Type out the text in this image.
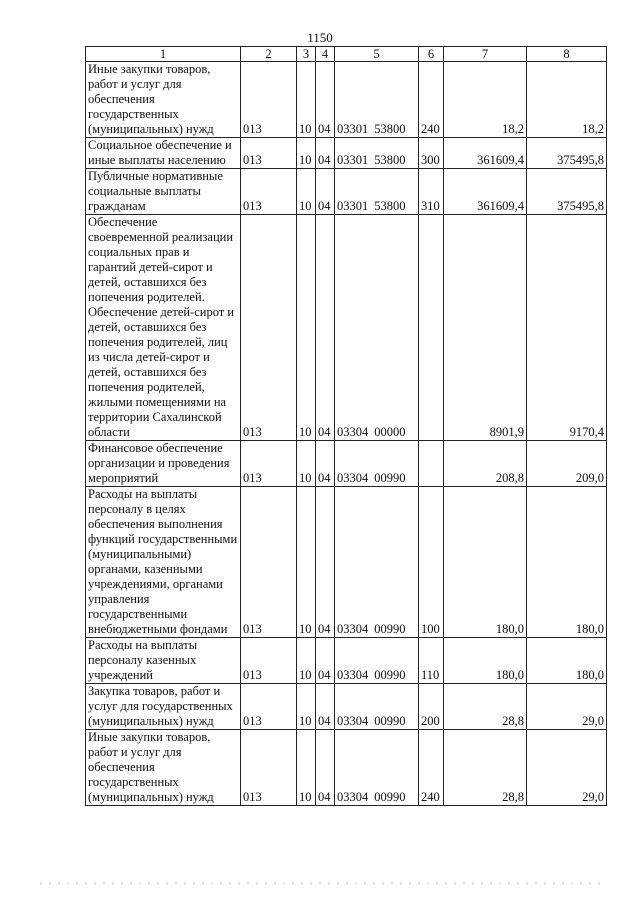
1150
1	2	3	4	5	6	7	8
Иные закупки товаров, работ и услуг для обеспечения государственных (муниципальных) нужд	013	10	04	03301 53800	240	18,2	18,2
Социальное обеспечение и иные выплаты населению	013	10	04	03301 53800	300	361609,4	375495,8
Публичные нормативные социальные выплаты гражданам	013	10	04	03301 53800	310	361609,4	375495,8
Обеспечение своевременной реализации социальных прав и гарантий детей-сирот и детей, оставшихся без попечения родителей. Обеспечение детей-сирот и детей, оставшихся без попечения родителей, лиц из числа детей-сирот и детей, оставшихся без попечения родителей, жилыми помещениями на территории Сахалинской области	013	10	04	03304 00000		8901,9	9170,4
Финансовое обеспечение организации и проведения мероприятий	013	10	04	03304 00990		208,8	209,0
Расходы на выплаты персоналу в целях обеспечения выполнения функций государственными (муниципальными) органами, казенными учреждениями, органами управления государственными внебюджетными фондами	013	10	04	03304 00990	100	180,0	180,0
Расходы на выплаты персоналу казенных учреждений	013	10	04	03304 00990	110	180,0	180,0
Закупка товаров, работ и услуг для государственных (муниципальных) нужд	013	10	04	03304 00990	200	28,8	29,0
Иные закупки товаров, работ и услуг для обеспечения государственных (муниципальных) нужд	013	10	04	03304 00990	240	28,8	29,0
